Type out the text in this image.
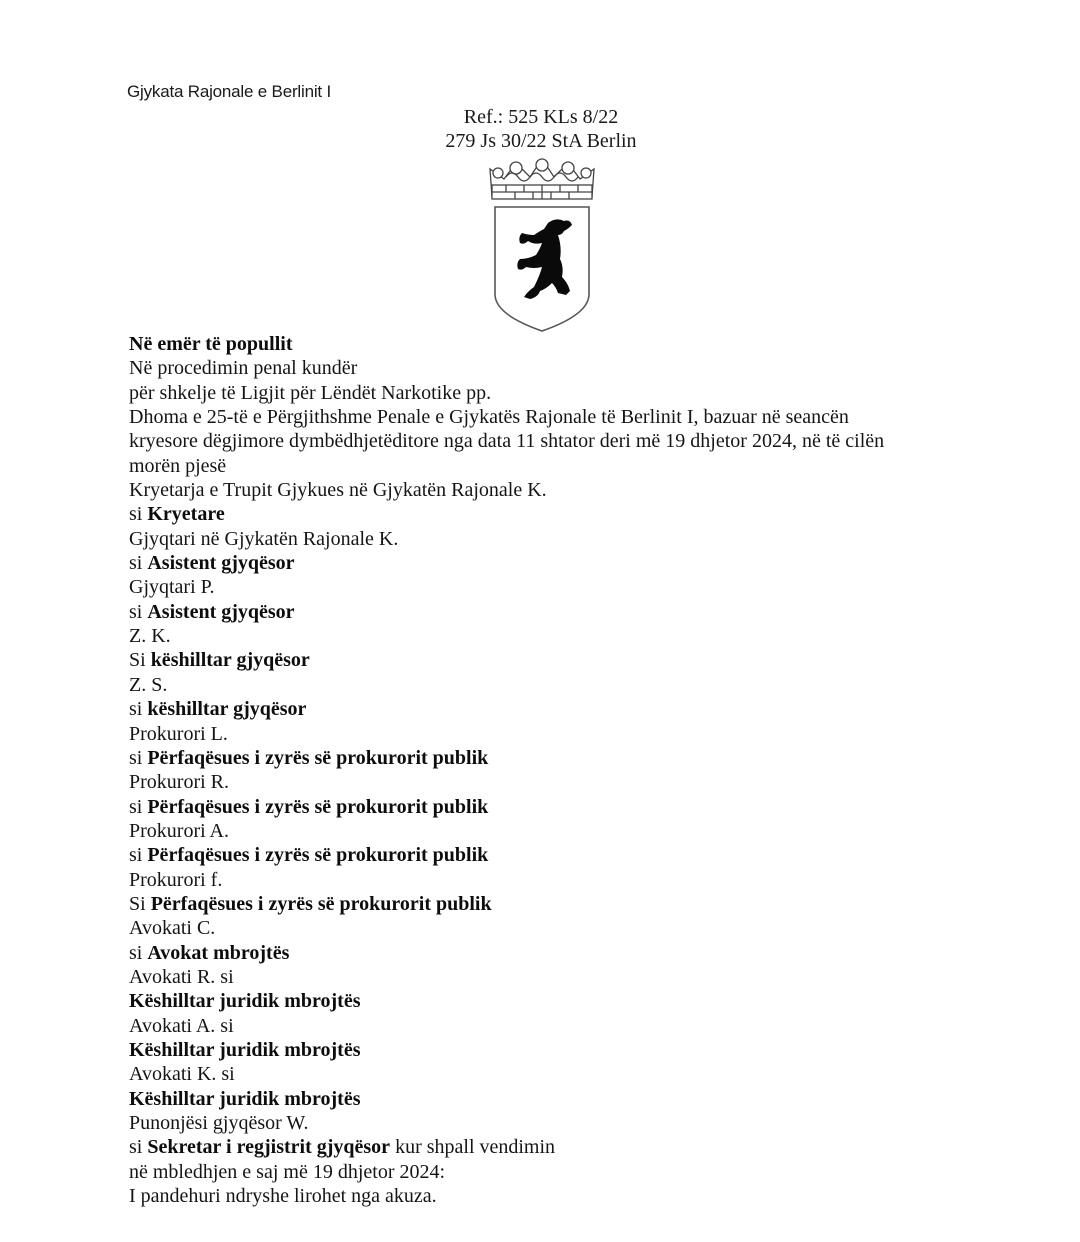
Gjykata Rajonale e Berlinit I
Ref.: 525 KLs 8/22
279 Js 30/22 StA Berlin
Në emër të popullit
Në procedimin penal kundër
për shkelje të Ligjit për Lëndët Narkotike pp.
Dhoma e 25-të e Përgjithshme Penale e Gjykatës Rajonale të Berlinit I, bazuar në seancën
kryesore dëgjimore dymbëdhjetëditore nga data 11 shtator deri më 19 dhjetor 2024, në të cilën
morën pjesë
Kryetarja e Trupit Gjykues në Gjykatën Rajonale K.
si Kryetare
Gjyqtari në Gjykatën Rajonale K.
si Asistent gjyqësor
Gjyqtari P.
si Asistent gjyqësor
Z. K.
Si këshilltar gjyqësor
Z. S.
si këshilltar gjyqësor
Prokurori L.
si Përfaqësues i zyrës së prokurorit publik
Prokurori R.
si Përfaqësues i zyrës së prokurorit publik
Prokurori A.
si Përfaqësues i zyrës së prokurorit publik
Prokurori f.
Si Përfaqësues i zyrës së prokurorit publik
Avokati C.
si Avokat mbrojtës
Avokati R. si
Këshilltar juridik mbrojtës
Avokati A. si
Këshilltar juridik mbrojtës
Avokati K. si
Këshilltar juridik mbrojtës
Punonjësi gjyqësor W.
si Sekretar i regjistrit gjyqësor kur shpall vendimin
në mbledhjen e saj më 19 dhjetor 2024:
I pandehuri ndryshe lirohet nga akuza.
